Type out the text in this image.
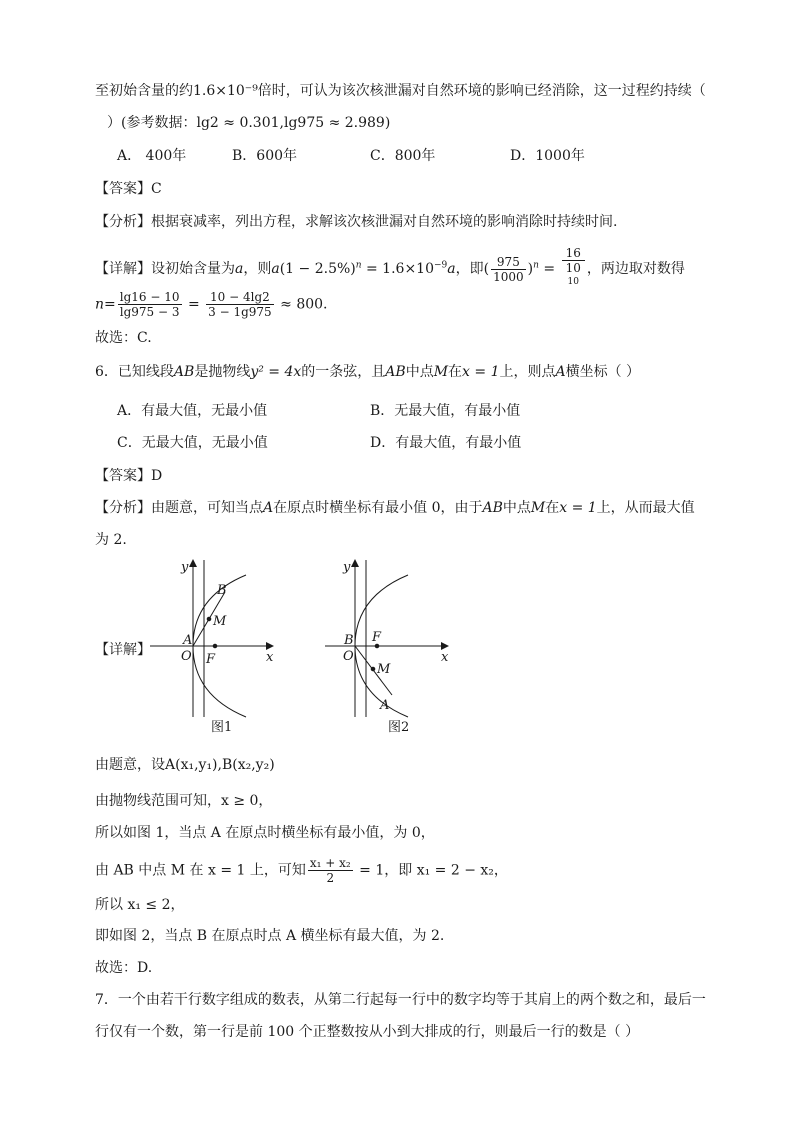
至初始含量的约1.6×10⁻⁹倍时，可认为该次核泄漏对自然环境的影响已经消除，这一过程约持续（
）(参考数据：lg2 ≈ 0.301,lg975 ≈ 2.989)
A． 400年	B．600年	C．800年	D．1000年
【答案】C
【分析】根据衰减率，列出方程，求解该次核泄漏对自然环境的影响消除时持续时间.
【详解】设初始含量为a，则$a(1 - 2.5\%)^n = 1.6\times 10^{-9}a$，即( $\frac{975}{1000} )^n = 16$
10
$^{10}$ ，两边取对数得
$n= \frac{\lg 16 - 10}{\lg 975 - 3} = \frac{10 - 4\lg 2}{3 - 1g975} \approx 800$.
故选：C.
6．已知线段AB是抛物线y² = 4x的一条弦，且AB中点M在x = 1上，则点A横坐标（ ）
A．有最大值，无最小值	B．无最大值，有最小值
C．无最大值，无最小值	D．有最大值，有最小值
【答案】D
【分析】由题意，可知当点A在原点时横坐标有最小值 0，由于AB中点M在x = 1上，从而最大值
为 2.
【详解】
y
B
M
A
O F	x
图1
y
B F
O
M
A
x
图2
由题意，设A(x₁,y₁),B(x₂,y₂)
由抛物线范围可知，x ≥ 0，
所以如图 1，当点 A 在原点时横坐标有最小值，为 0，
由 AB 中点 M 在 x = 1 上，可知 $\frac{\text{x₁ + x₂}}{2} = 1$，即 x₁ = 2 − x₂，
所以 x₁ ≤ 2，
即如图 2，当点 B 在原点时点 A 横坐标有最大值，为 2.
故选：D.
7．一个由若干行数字组成的数表，从第二行起每一行中的数字均等于其肩上的两个数之和，最后一
行仅有一个数，第一行是前 100 个正整数按从小到大排成的行，则最后一行的数是（ ）
